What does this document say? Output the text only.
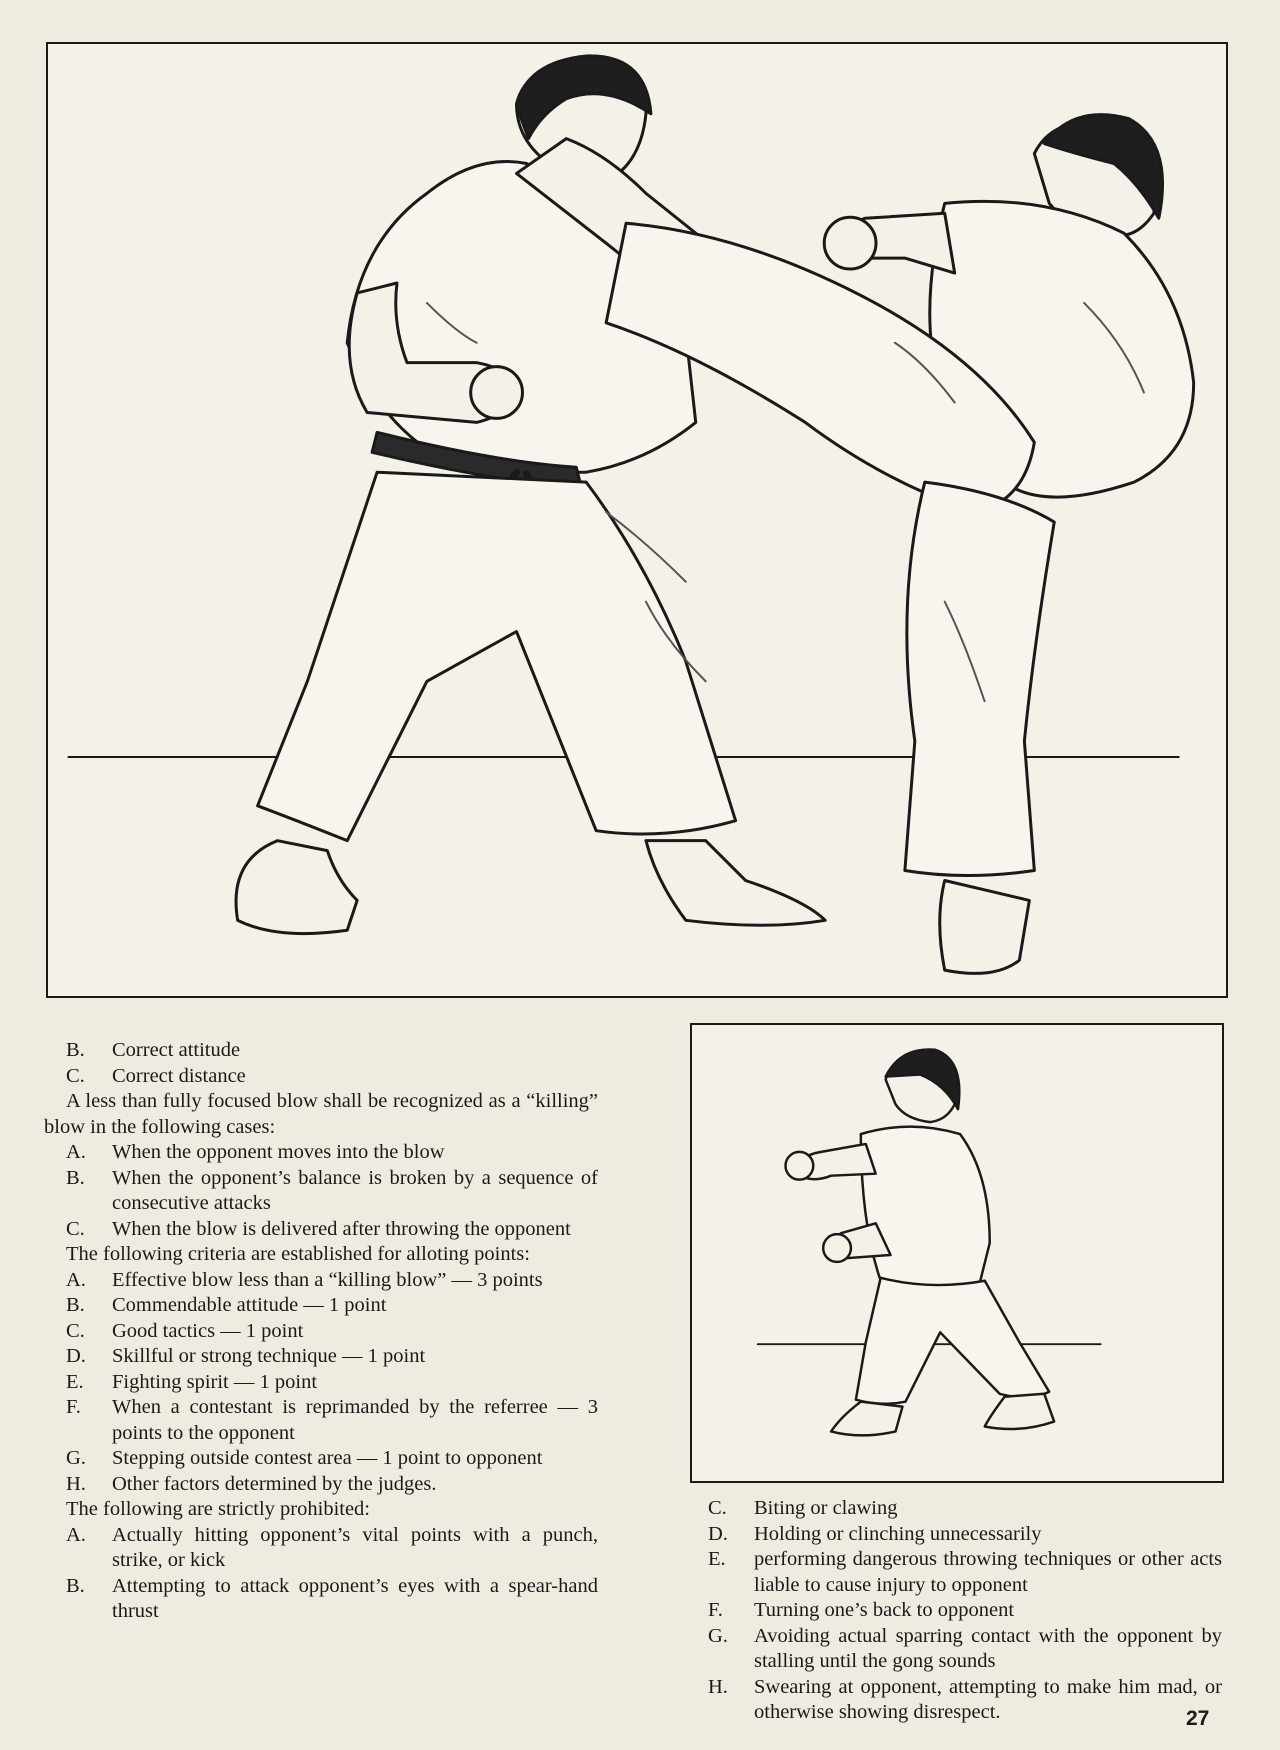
B.	Correct attitude
C.	Correct distance
A less than fully focused blow shall be recognized as a “killing” blow in the following cases:
A.	When the opponent moves into the blow
B.	When the opponent’s balance is broken by a sequence of consecutive attacks
C.	When the blow is delivered after throwing the opponent
The following criteria are established for alloting points:
A.	Effective blow less than a “killing blow” — 3 points
B.	Commendable attitude — 1 point
C.	Good tactics — 1 point
D.	Skillful or strong technique — 1 point
E.	Fighting spirit — 1 point
F.	When a contestant is reprimanded by the referree — 3 points to the opponent
G.	Stepping outside contest area — 1 point to opponent
H.	Other factors determined by the judges.
The following are strictly prohibited:
A.	Actually hitting opponent’s vital points with a punch, strike, or kick
B.	Attempting to attack opponent’s eyes with a spear-hand thrust
C.	Biting or clawing
D.	Holding or clinching unnecessarily
E.	performing dangerous throwing techniques or other acts liable to cause injury to opponent
F.	Turning one’s back to opponent
G.	Avoiding actual sparring contact with the opponent by stalling until the gong sounds
H.	Swearing at opponent, attempting to make him mad, or otherwise showing disrespect.	27
